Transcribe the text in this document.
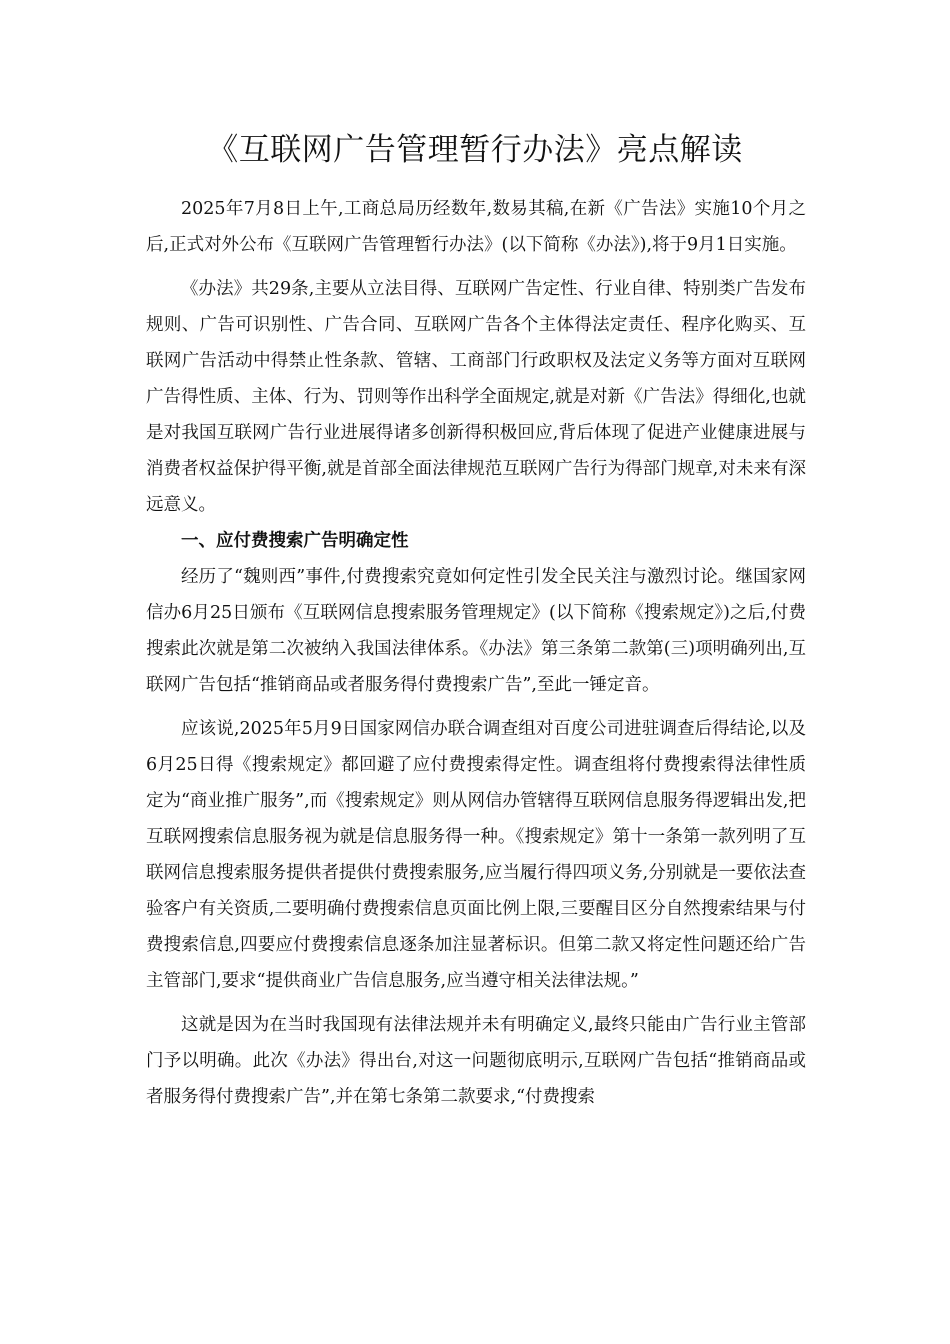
《互联网广告管理暂行办法》亮点解读

2025年7月8日上午,工商总局历经数年,数易其稿,在新《广告法》实施10个月之后,正式对外公布《互联网广告管理暂行办法》(以下简称《办法》),将于9月1日实施。

《办法》共29条,主要从立法目得、互联网广告定性、行业自律、特别类广告发布规则、广告可识别性、广告合同、互联网广告各个主体得法定责任、程序化购买、互联网广告活动中得禁止性条款、管辖、工商部门行政职权及法定义务等方面对互联网广告得性质、主体、行为、罚则等作出科学全面规定,就是对新《广告法》得细化,也就是对我国互联网广告行业进展得诸多创新得积极回应,背后体现了促进产业健康进展与消费者权益保护得平衡,就是首部全面法律规范互联网广告行为得部门规章,对未来有深远意义。

一、应付费搜索广告明确定性

经历了“魏则西”事件,付费搜索究竟如何定性引发全民关注与激烈讨论。继国家网信办6月25日颁布《互联网信息搜索服务管理规定》(以下简称《搜索规定》)之后,付费搜索此次就是第二次被纳入我国法律体系。《办法》第三条第二款第(三)项明确列出,互联网广告包括“推销商品或者服务得付费搜索广告”,至此一锤定音。

应该说,2025年5月9日国家网信办联合调查组对百度公司进驻调查后得结论,以及6月25日得《搜索规定》都回避了应付费搜索得定性。调查组将付费搜索得法律性质定为“商业推广服务”,而《搜索规定》则从网信办管辖得互联网信息服务得逻辑出发,把互联网搜索信息服务视为就是信息服务得一种。《搜索规定》第十一条第一款列明了互联网信息搜索服务提供者提供付费搜索服务,应当履行得四项义务,分别就是一要依法查验客户有关资质,二要明确付费搜索信息页面比例上限,三要醒目区分自然搜索结果与付费搜索信息,四要应付费搜索信息逐条加注显著标识。但第二款又将定性问题还给广告主管部门,要求“提供商业广告信息服务,应当遵守相关法律法规。”

这就是因为在当时我国现有法律法规并未有明确定义,最终只能由广告行业主管部门予以明确。此次《办法》得出台,对这一问题彻底明示,互联网广告包括“推销商品或者服务得付费搜索广告”,并在第七条第二款要求,“付费搜索
